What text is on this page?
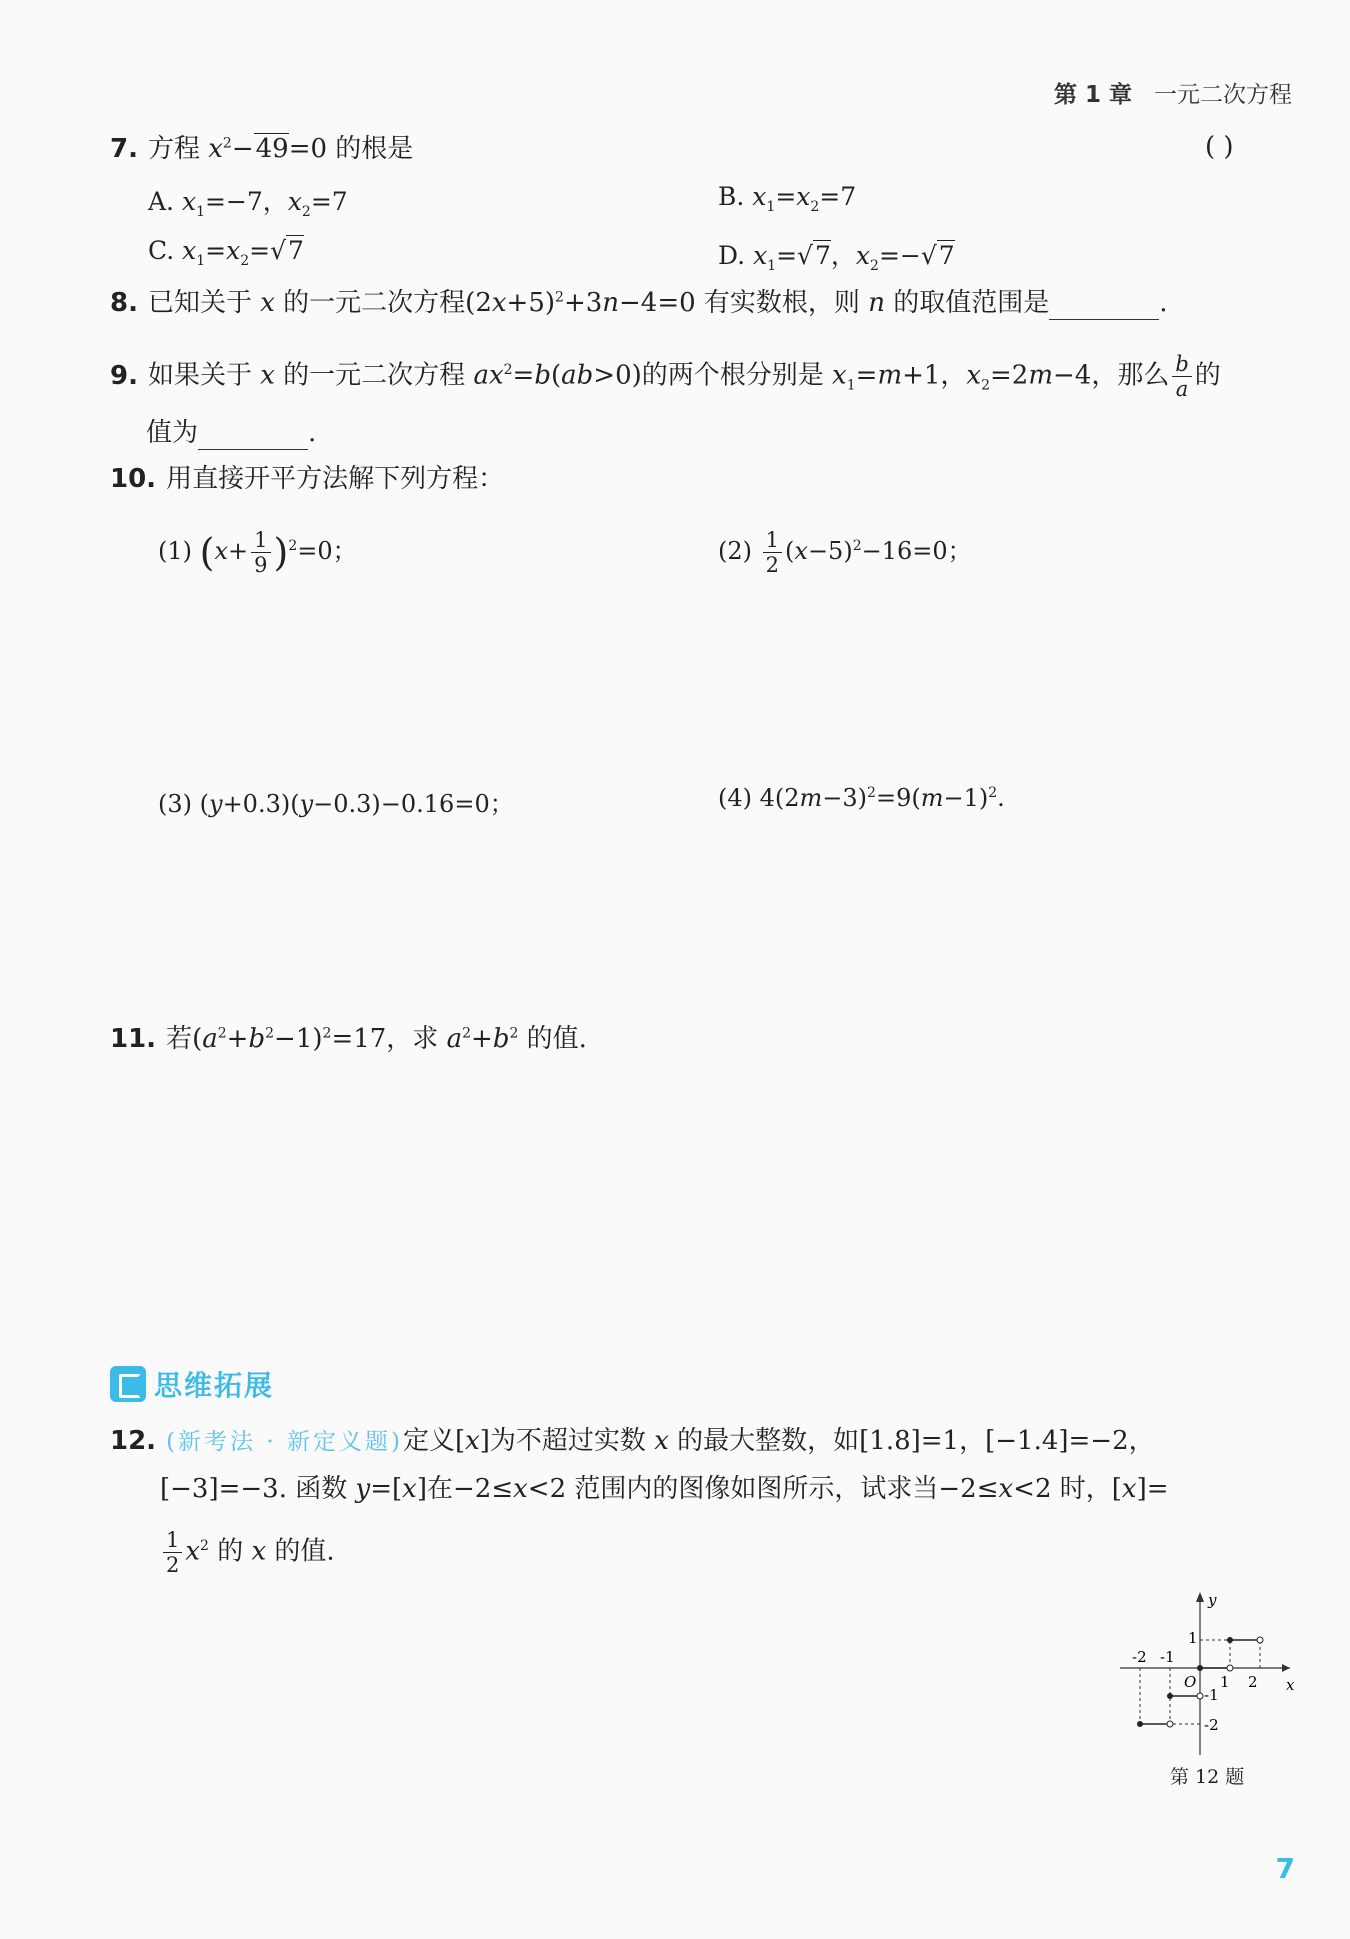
第 1 章 一元二次方程
7. 方程 $x^2-49=0$ 的根是	( )
A. $x_1=-7$，$x_2=7$	B. $x_1=x_2=7$
C. $x_1=x_2=√7$	D. $x_1=√7$，$x_2=-√7$
8. 已知关于 x 的一元二次方程$(2x+5)^2+3n-4=0$ 有实数根，则 n 的取值范围是	.
9. 如果关于 x 的一元二次方程 $ax^2=b(ab>0)$的两个根分别是 $x_1=m+1$，$x_2=2m-4$，那么 $\frac{b}{a}$ 的
值为	.
10. 用直接开平方法解下列方程：
(1) $(x+ \frac{1}{9} )^2=0$；	$(2) \frac{1}{2} (x-5)^2-16=0$；
(3) (y+0.3)(y−0.3)−0.16=0；	(4) $4(2m-3)^2=9(m-1)^2$.
11. 若$(a^2+b^2-1)^2=17$，求 $a^2+b^2$ 的值.
思维拓展
12. (新考法 · 新定义题)定义[x]为不超过实数 x 的最大整数，如[1.8]=1，[−1.4]=−2，
[−3]=−3. 函数 y=[x]在−2≤x<2 范围内的图像如图所示，试求当−2≤x<2 时，[x]=
$\frac{1}{2} x^2$ 的 x 的值.
y
x
O
-2 -1
1 2
1
-1
-2
第 12 题
7
